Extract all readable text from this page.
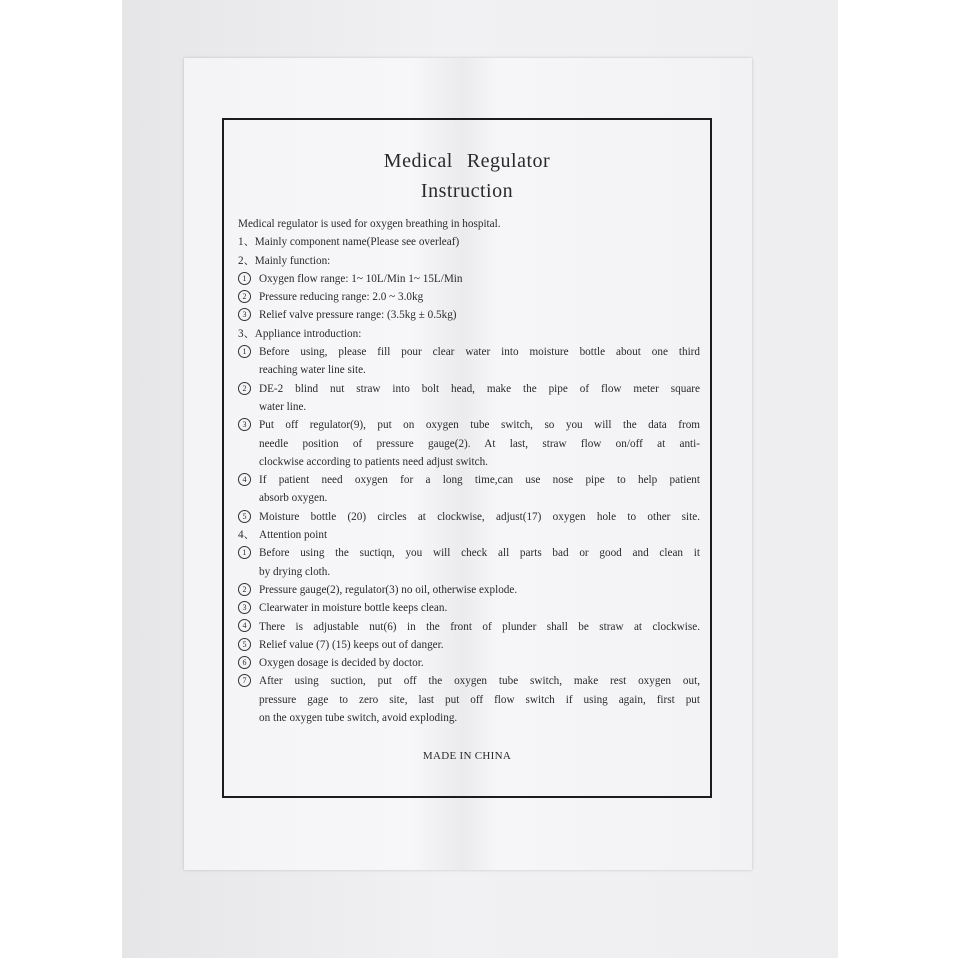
Medical Regulator
Instruction
Medical regulator is used for oxygen breathing in hospital.
1、Mainly component name(Please see overleaf)
2、Mainly function:
1	Oxygen flow range: 1~ 10L/Min 1~ 15L/Min
2	Pressure reducing range: 2.0 ~ 3.0kg
3	Relief valve pressure range: (3.5kg ± 0.5kg)
3、Appliance introduction:
1	Before using, please fill pour clear water into moisture bottle about one third
reaching water line site.
2	DE-2 blind nut straw into bolt head, make the pipe of flow meter square
water line.
3	Put off regulator(9), put on oxygen tube switch, so you will the data from
needle position of pressure gauge(2). At last, straw flow on/off at anti-
clockwise according to patients need adjust switch.
4	If patient need oxygen for a long time,can use nose pipe to help patient
absorb oxygen.
5	Moisture bottle (20) circles at clockwise, adjust(17) oxygen hole to other site.
4、 Attention point
1	Before using the suctiqn, you will check all parts bad or good and clean it
by drying cloth.
2	Pressure gauge(2), regulator(3) no oil, otherwise explode.
3	Clearwater in moisture bottle keeps clean.
4	There is adjustable nut(6) in the front of plunder shall be straw at clockwise.
5	Relief value (7) (15) keeps out of danger.
6	Oxygen dosage is decided by doctor.
7	After using suction, put off the oxygen tube switch, make rest oxygen out,
pressure gage to zero site, last put off flow switch if using again, first put
on the oxygen tube switch, avoid exploding.
MADE IN CHINA
